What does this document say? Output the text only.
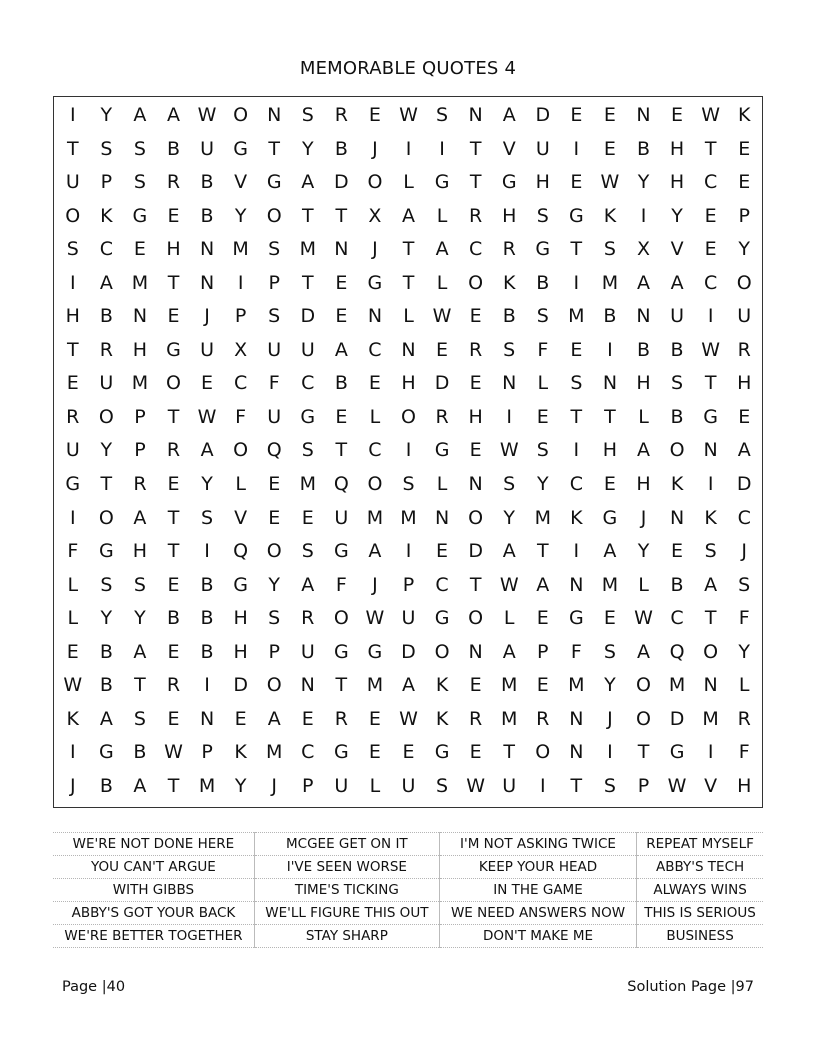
MEMORABLE QUOTES 4
I	Y	A	A W O N	S	R	E W S	N	A	D	E	E	N	E W K
T	S	S	B	U	G	T	Y	B	J	I	I	T	V	U	I	E	B	H	T	E
U	P	S	R	B	V	G	A	D O	L	G	T	G	H	E W Y	H	C	E
O	K	G	E	B	Y	O	T	T	X	A	L	R	H	S	G	K	I	Y	E	P
S	C	E	H	N M	S	M N	J	T	A	C	R	G	T	S	X	V	E	Y
I	A M	T	N	I	P	T	E	G	T	L	O	K	B	I	M A	A	C	O
H	B	N	E	J	P	S	D	E	N	L W E	B	S	M B	N	U	I	U
T	R	H	G	U	X	U	U	A	C	N	E	R	S	F	E	I	B	B W R
E	U M O	E	C	F	C	B	E	H	D	E	N	L	S	N	H	S	T	H
R	O	P	T W F	U	G	E	L	O	R	H	I	E	T	T	L	B	G	E
U	Y	P	R	A	O Q	S	T	C	I	G	E W S	I	H	A	O N	A
G	T	R	E	Y	L	E	M Q O	S	L	N	S	Y	C	E	H	K	I	D
I	O	A	T	S	V	E	E	U M M N O	Y	M	K	G	J	N	K	C
F	G	H	T	I	Q O	S	G	A	I	E	D	A	T	I	A	Y	E	S	J
L	S	S	E	B	G	Y	A	F	J	P	C	T W A	N M	L	B	A	S
L	Y	Y	B	B	H	S	R	O W U	G O	L	E	G	E W C	T	F
E	B	A	E	B	H	P	U	G G D O N	A	P	F	S	A	Q O	Y
W B	T	R	I	D O N	T	M A	K	E	M	E	M	Y	O M N	L
K	A	S	E	N	E	A	E	R	E W K	R M R	N	J	O D M R
I	G	B W P	K	M C	G	E	E	G	E	T	O N	I	T	G	I	F
J	B	A	T	M	Y	J	P	U	L	U	S W U	I	T	S	P W V	H
WE'RE NOT DONE HERE	MCGEE GET ON IT	I'M NOT ASKING TWICE	REPEAT MYSELF
YOU CAN'T ARGUE	I'VE SEEN WORSE	KEEP YOUR HEAD	ABBY'S TECH
WITH GIBBS	TIME'S TICKING	IN THE GAME	ALWAYS WINS
ABBY'S GOT YOUR BACK	WE'LL FIGURE THIS OUT	WE NEED ANSWERS NOW	THIS IS SERIOUS
WE'RE BETTER TOGETHER	STAY SHARP	DON'T MAKE ME	BUSINESS
Page |40	Solution Page |97
